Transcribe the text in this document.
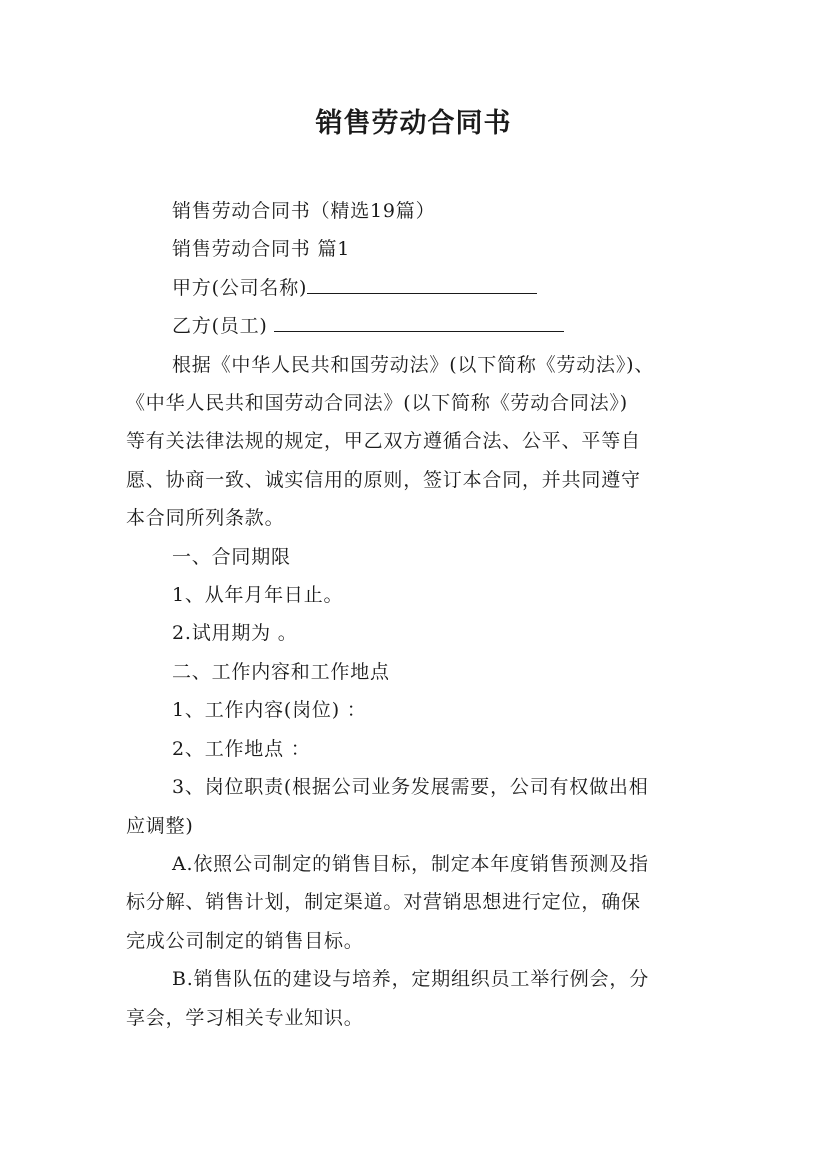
销售劳动合同书

销售劳动合同书（精选19篇）

销售劳动合同书 篇1

甲方(公司名称)

乙方(员工)

根据《中华人民共和国劳动法》(以下简称《劳动法》)、

《中华人民共和国劳动合同法》(以下简称《劳动合同法》)

等有关法律法规的规定，甲乙双方遵循合法、公平、平等自

愿、协商一致、诚实信用的原则，签订本合同，并共同遵守

本合同所列条款。

一、合同期限

1、从年月年日止。

2.试用期为 。

二、工作内容和工作地点

1、工作内容(岗位) ：

2、工作地点 ：

3、岗位职责(根据公司业务发展需要，公司有权做出相

应调整)

A.依照公司制定的销售目标，制定本年度销售预测及指

标分解、销售计划，制定渠道。对营销思想进行定位，确保

完成公司制定的销售目标。

B.销售队伍的建设与培养，定期组织员工举行例会，分

享会，学习相关专业知识。
